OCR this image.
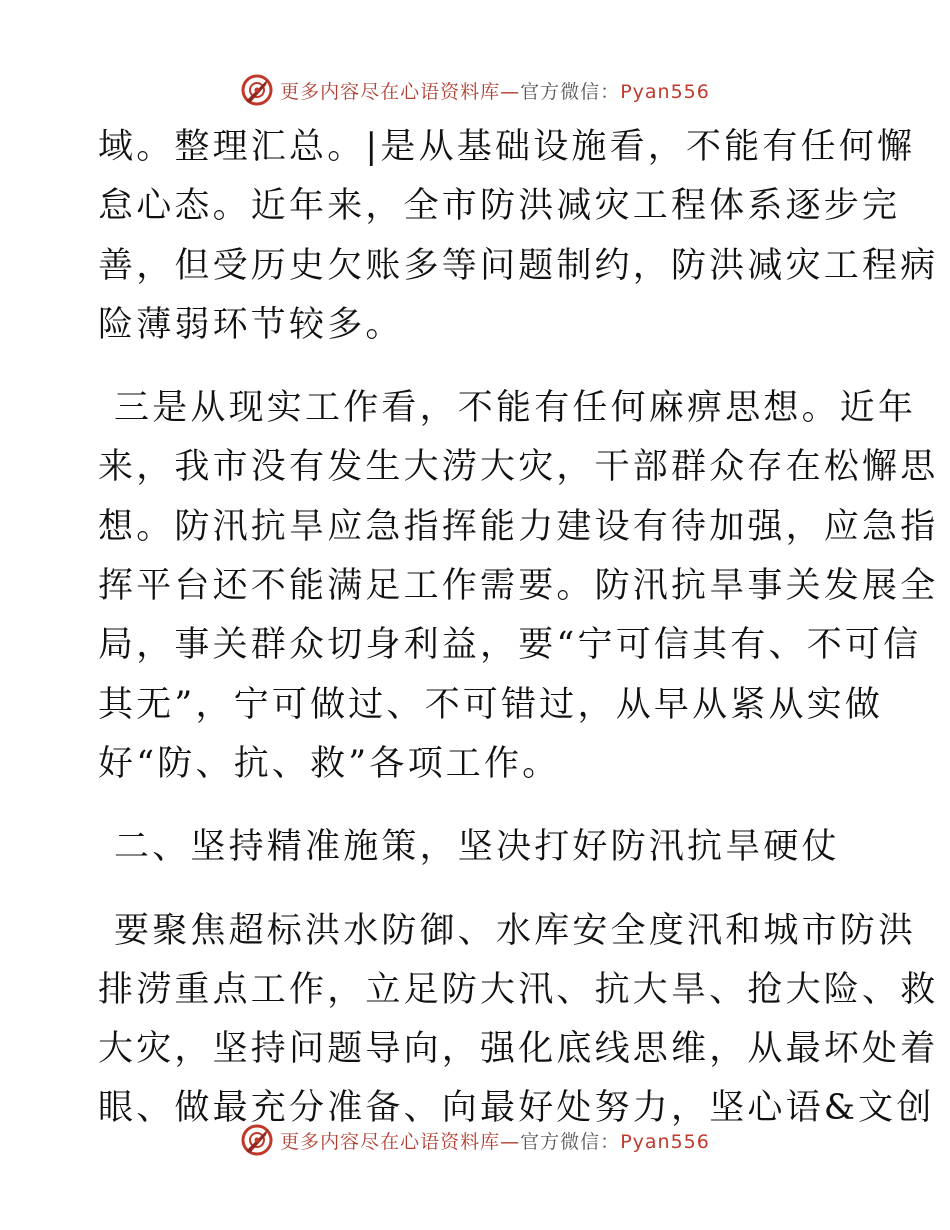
更多内容尽在心语资料库—官方微信：Pyan556

域。整理汇总。|是从基础设施看，不能有任何懈
怠心态。近年来，全市防洪减灾工程体系逐步完
善，但受历史欠账多等问题制约，防洪减灾工程病
险薄弱环节较多。

三是从现实工作看，不能有任何麻痹思想。近年
来，我市没有发生大涝大灾，干部群众存在松懈思
想。防汛抗旱应急指挥能力建设有待加强，应急指
挥平台还不能满足工作需要。防汛抗旱事关发展全
局，事关群众切身利益，要“宁可信其有、不可信
其无”，宁可做过、不可错过，从早从紧从实做
好“防、抗、救”各项工作。

二、坚持精准施策，坚决打好防汛抗旱硬仗

要聚焦超标洪水防御、水库安全度汛和城市防洪
排涝重点工作，立足防大汛、抗大旱、抢大险、救
大灾，坚持问题导向，强化底线思维，从最坏处着
眼、做最充分准备、向最好处努力，坚心语&文创

更多内容尽在心语资料库—官方微信：Pyan556
